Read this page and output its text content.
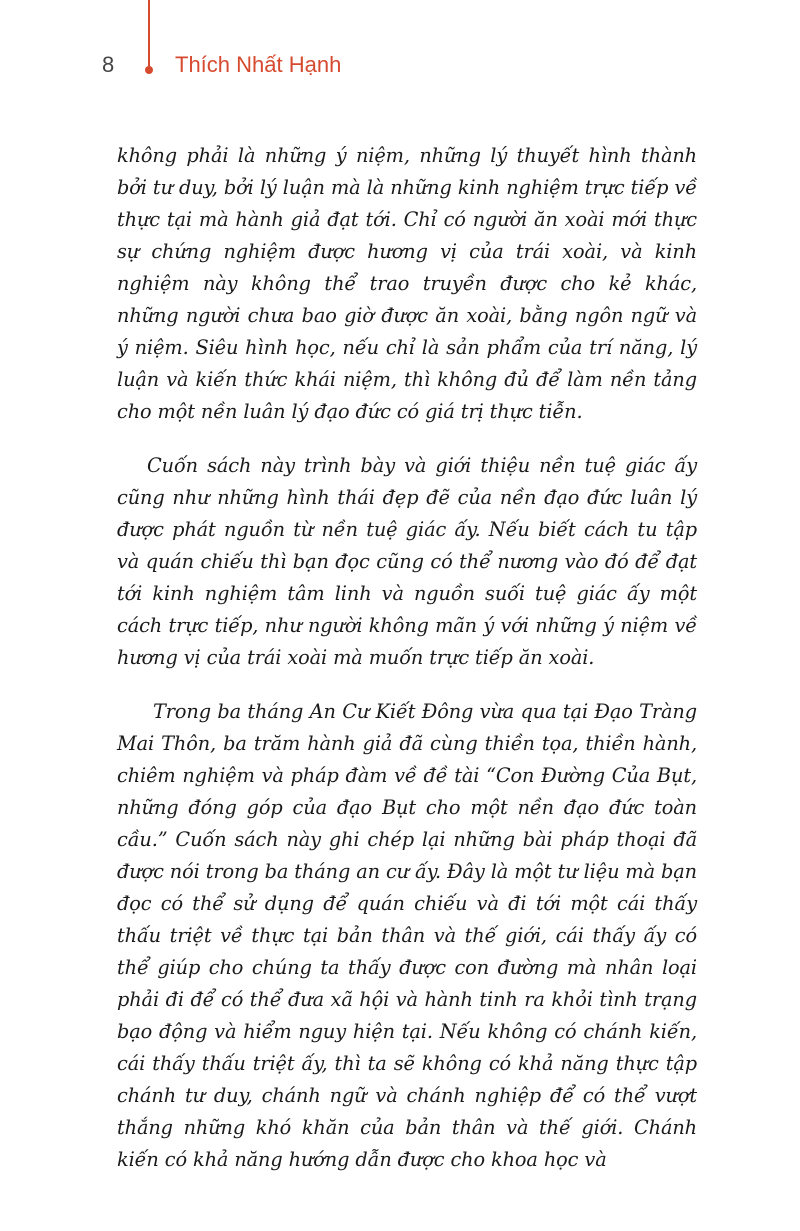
8	Thích Nhất Hạnh

không phải là những ý niệm, những lý thuyết hình thành bởi tư duy, bởi lý luận mà là những kinh nghiệm trực tiếp về thực tại mà hành giả đạt tới. Chỉ có người ăn xoài mới thực sự chứng nghiệm được hương vị của trái xoài, và kinh nghiệm này không thể trao truyền được cho kẻ khác, những người chưa bao giờ được ăn xoài, bằng ngôn ngữ và ý niệm. Siêu hình học, nếu chỉ là sản phẩm của trí năng, lý luận và kiến thức khái niệm, thì không đủ để làm nền tảng cho một nền luân lý đạo đức có giá trị thực tiễn.

Cuốn sách này trình bày và giới thiệu nền tuệ giác ấy cũng như những hình thái đẹp đẽ của nền đạo đức luân lý được phát nguồn từ nền tuệ giác ấy. Nếu biết cách tu tập và quán chiếu thì bạn đọc cũng có thể nương vào đó để đạt tới kinh nghiệm tâm linh và nguồn suối tuệ giác ấy một cách trực tiếp, như người không mãn ý với những ý niệm về hương vị của trái xoài mà muốn trực tiếp ăn xoài.

Trong ba tháng An Cư Kiết Đông vừa qua tại Đạo Tràng Mai Thôn, ba trăm hành giả đã cùng thiền tọa, thiền hành, chiêm nghiệm và pháp đàm về đề tài “Con Đường Của Bụt, những đóng góp của đạo Bụt cho một nền đạo đức toàn cầu.” Cuốn sách này ghi chép lại những bài pháp thoại đã được nói trong ba tháng an cư ấy. Đây là một tư liệu mà bạn đọc có thể sử dụng để quán chiếu và đi tới một cái thấy thấu triệt về thực tại bản thân và thế giới, cái thấy ấy có thể giúp cho chúng ta thấy được con đường mà nhân loại phải đi để có thể đưa xã hội và hành tinh ra khỏi tình trạng bạo động và hiểm nguy hiện tại. Nếu không có chánh kiến, cái thấy thấu triệt ấy, thì ta sẽ không có khả năng thực tập chánh tư duy, chánh ngữ và chánh nghiệp để có thể vượt thắng những khó khăn của bản thân và thế giới. Chánh kiến có khả năng hướng dẫn được cho khoa học và
